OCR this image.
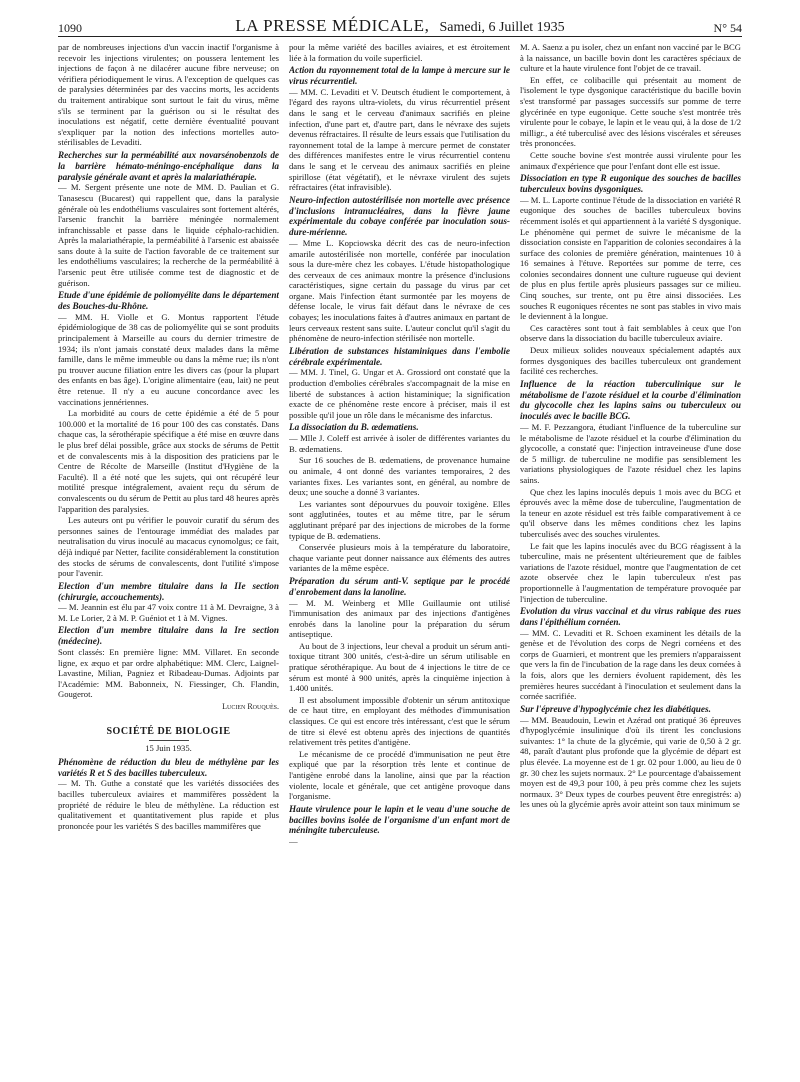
1090	LA PRESSE MÉDICALE, Samedi, 6 Juillet 1935	N° 54

par de nombreuses injections d'un vaccin inactif l'organisme à recevoir les injections virulentes; on poussera lentement les injections de façon à ne dilacérer aucune fibre nerveuse; on vérifiera périodiquement le virus. A l'exception de quelques cas de paralysies déterminées par des vaccins morts, les accidents du traitement antirabique sont surtout le fait du virus, même s'ils se terminent par la guérison ou si le résultat des inoculations est négatif, cette dernière éventualité pouvant s'expliquer par la notion des infections mortelles auto-stérilisables de Levaditi.

Recherches sur la perméabilité aux novarsénobenzols de la barrière hémato-méningo-encéphalique dans la paralysie générale avant et après la malariathérapie.

— M. Sergent présente une note de MM. D. Paulian et G. Tanasescu (Bucarest) qui rappellent que, dans la paralysie générale où les endothéliums vasculaires sont fortement altérés, l'arsenic franchit la barrière méningée normalement infranchissable et passe dans le liquide céphalo-rachidien. Après la malariathérapie, la perméabilité à l'arsenic est abaissée sans doute à la suite de l'action favorable de ce traitement sur les endothéliums vasculaires; la recherche de la perméabilité à l'arsenic peut être utilisée comme test de diagnostic et de guérison.

Etude d'une épidémie de poliomyélite dans le département des Bouches-du-Rhône.

— MM. H. Violle et G. Montus rapportent l'étude épidémiologique de 38 cas de poliomyélite qui se sont produits principalement à Marseille au cours du dernier trimestre de 1934; ils n'ont jamais constaté deux malades dans la même famille, dans le même immeuble ou dans la même rue; ils n'ont pu trouver aucune filiation entre les divers cas (pour la plupart des enfants en bas âge). L'origine alimentaire (eau, lait) ne peut être retenue. Il n'y a eu aucune concordance avec les vaccinations jennériennes.

La morbidité au cours de cette épidémie a été de 5 pour 100.000 et la mortalité de 16 pour 100 des cas constatés. Dans chaque cas, la sérothérapie spécifique a été mise en œuvre dans le plus bref délai possible, grâce aux stocks de sérums de Pettit et de convalescents mis à la disposition des praticiens par le Centre de Récolte de Marseille (Institut d'Hygiène de la Faculté). Il a été noté que les sujets, qui ont récupéré leur motilité presque intégralement, avaient reçu du sérum de convalescents ou du sérum de Pettit au plus tard 48 heures après l'apparition des paralysies.

Les auteurs ont pu vérifier le pouvoir curatif du sérum des personnes saines de l'entourage immédiat des malades par neutralisation du virus inoculé au macacus cynomolgus; ce fait, déjà indiqué par Netter, facilite considérablement la constitution des stocks de sérums de convalescents, dont l'utilité s'impose pour l'avenir.

Election d'un membre titulaire dans la IIe section (chirurgie, accouchements).

— M. Jeannin est élu par 47 voix contre 11 à M. Devraigne, 3 à M. Le Lorier, 2 à M. P. Guéniot et 1 à M. Vignes.

Election d'un membre titulaire dans la Ire section (médecine).

Sont classés: En première ligne: MM. Villaret. En seconde ligne, ex æquo et par ordre alphabétique: MM. Clerc, Laignel-Lavastine, Milian, Pagniez et Ribadeau-Dumas. Adjoints par l'Académie: MM. Babonneix, N. Fiessinger, Ch. Flandin, Gougerot.

Lucien Rouquès.
SOCIÉTÉ DE BIOLOGIE
15 Juin 1935.
Phénomène de réduction du bleu de méthylène par les variétés R et S des bacilles tuberculeux.

— M. Th. Guthe a constaté que les variétés dissociées des bacilles tuberculeux aviaires et mammifères possèdent la propriété de réduire le bleu de méthylène. La réduction est qualitativement et quantitativement plus rapide et plus prononcée pour les variétés S des bacilles mammifères que

pour la même variété des bacilles aviaires, et est étroitement liée à la formation du voile superficiel.

Action du rayonnement total de la lampe à mercure sur le virus récurrentiel.

— MM. C. Levaditi et V. Deutsch étudient le comportement, à l'égard des rayons ultra-violets, du virus récurrentiel présent dans le sang et le cerveau d'animaux sacrifiés en pleine infection, d'une part et, d'autre part, dans le névraxe des sujets devenus réfractaires. Il résulte de leurs essais que l'utilisation du rayonnement total de la lampe à mercure permet de constater des différences manifestes entre le virus récurrentiel contenu dans le sang et le cerveau des animaux sacrifiés en pleine spirillose (état végétatif), et le névraxe virulent des sujets réfractaires (état infravisible).

Neuro-infection autostérilisée non mortelle avec présence d'inclusions intranucléaires, dans la fièvre jaune expérimentale du cobaye conférée par inoculation sous-dure-mérienne.

— Mme L. Kopciowska décrit des cas de neuro-infection amarile autostérilisée non mortelle, conférée par inoculation sous la dure-mère chez les cobayes. L'étude histopathologique des cerveaux de ces animaux montre la présence d'inclusions caractéristiques, signe certain du passage du virus par cet organe. Mais l'infection étant surmontée par les moyens de défense locale, le virus fait défaut dans le névraxe de ces cobayes; les inoculations faites à d'autres animaux en partant de leurs cerveaux restent sans suite. L'auteur conclut qu'il s'agit du phénomène de neuro-infection stérilisée non mortelle.

Libération de substances histaminiques dans l'embolie cérébrale expérimentale.

— MM. J. Tinel, G. Ungar et A. Grossiord ont constaté que la production d'embolies cérébrales s'accompagnait de la mise en liberté de substances à action histaminique; la signification exacte de ce phénomène reste encore à préciser, mais il est possible qu'il joue un rôle dans le mécanisme des infarctus.

La dissociation du B. œdematiens.

— Mlle J. Coleff est arrivée à isoler de différentes variantes du B. œdematiens.

Sur 16 souches de B. œdematiens, de provenance humaine ou animale, 4 ont donné des variantes temporaires, 2 des variantes fixes. Les variantes sont, en général, au nombre de deux; une souche a donné 3 variantes.

Les variantes sont dépourvues du pouvoir toxigène. Elles sont agglutinées, toutes et au même titre, par le sérum agglutinant préparé par des injections de microbes de la forme typique de B. œdematiens.

Conservée plusieurs mois à la température du laboratoire, chaque variante peut donner naissance aux éléments des autres variantes de la même espèce.

Préparation du sérum anti-V. septique par le procédé d'enrobement dans la lanoline.

— M. M. Weinberg et Mlle Guillaumie ont utilisé l'immunisation des animaux par des injections d'antigènes enrobés dans la lanoline pour la préparation du sérum antiseptique.

Au bout de 3 injections, leur cheval a produit un sérum anti-toxique titrant 300 unités, c'est-à-dire un sérum utilisable en pratique sérothérapique. Au bout de 4 injections le titre de ce sérum est monté à 900 unités, après la cinquième injection à 1.400 unités.

Il est absolument impossible d'obtenir un sérum antitoxique de ce haut titre, en employant des méthodes d'immunisation classiques. Ce qui est encore très intéressant, c'est que le sérum de titre si élevé est obtenu après des injections de quantités relativement très petites d'antigène.

Le mécanisme de ce procédé d'immunisation ne peut être expliqué que par la résorption très lente et continue de l'antigène enrobé dans la lanoline, ainsi que par la réaction violente, locale et générale, que cet antigène provoque dans l'organisme.

Haute virulence pour le lapin et le veau d'une souche de bacilles bovins isolée de l'organisme d'un enfant mort de méningite tuberculeuse.

—

M. A. Saenz a pu isoler, chez un enfant non vacciné par le BCG à la naissance, un bacille bovin dont les caractères spéciaux de culture et la haute virulence font l'objet de ce travail.

En effet, ce colibacille qui présentait au moment de l'isolement le type dysgonique caractéristique du bacille bovin s'est transformé par passages successifs sur pomme de terre glycérinée en type eugonique. Cette souche s'est montrée très virulente pour le cobaye, le lapin et le veau qui, à la dose de 1/2 milligr., a été tuberculisé avec des lésions viscérales et séreuses très prononcées.

Cette souche bovine s'est montrée aussi virulente pour les animaux d'expérience que pour l'enfant dont elle est issue.

Dissociation en type R eugonique des souches de bacilles tuberculeux bovins dysgoniques.

— M. L. Laporte continue l'étude de la dissociation en variété R eugonique des souches de bacilles tuberculeux bovins récemment isolés et qui appartiennent à la variété S dysgonique. Le phénomène qui permet de suivre le mécanisme de la dissociation consiste en l'apparition de colonies secondaires à la surface des colonies de première génération, maintenues 10 à 16 semaines à l'étuve. Reportées sur pomme de terre, ces colonies secondaires donnent une culture rugueuse qui devient de plus en plus fertile après plusieurs passages sur ce milieu. Cinq souches, sur trente, ont pu être ainsi dissociées. Les souches R eugoniques récentes ne sont pas stables in vivo mais le deviennent à la longue.

Ces caractères sont tout à fait semblables à ceux que l'on observe dans la dissociation du bacille tuberculeux aviaire.

Deux milieux solides nouveaux spécialement adaptés aux formes dysgoniques des bacilles tuberculeux ont grandement facilité ces recherches.

Influence de la réaction tuberculinique sur le métabolisme de l'azote résiduel et la courbe d'élimination du glycocolle chez les lapins sains ou tuberculeux ou inoculés avec le bacille BCG.

— M. F. Pezzangora, étudiant l'influence de la tuberculine sur le métabolisme de l'azote résiduel et la courbe d'élimination du glycocolle, a constaté que: l'injection intraveineuse d'une dose de 5 milligr. de tuberculine ne modifie pas sensiblement les variations physiologiques de l'azote résiduel chez les lapins sains.

Que chez les lapins inoculés depuis 1 mois avec du BCG et éprouvés avec la même dose de tuberculine, l'augmentation de la teneur en azote résiduel est très faible comparativement à ce qu'il observe dans les mêmes conditions chez les lapins tuberculisés avec des souches virulentes.

Le fait que les lapins inoculés avec du BCG réagissent à la tuberculine, mais ne présentent ultérieurement que de faibles variations de l'azote résiduel, montre que l'augmentation de cet azote observée chez le lapin tuberculeux n'est pas proportionnelle à l'augmentation de température provoquée par l'injection de tuberculine.

Evolution du virus vaccinal et du virus rabique des rues dans l'épithélium cornéen.

— MM. C. Levaditi et R. Schoen examinent les détails de la genèse et de l'évolution des corps de Negri cornéens et des corps de Guarnieri, et montrent que les premiers n'apparaissent que vers la fin de l'incubation de la rage dans les deux cornées à la fois, alors que les derniers évoluent rapidement, dès les premières heures succédant à l'inoculation et seulement dans la cornée sacrifiée.

Sur l'épreuve d'hypoglycémie chez les diabétiques.

— MM. Beaudouin, Lewin et Azérad ont pratiqué 36 épreuves d'hypoglycémie insulinique d'où ils tirent les conclusions suivantes: 1° la chute de la glycémie, qui varie de 0,50 à 2 gr. 48, paraît d'autant plus profonde que la glycémie de départ est plus élevée. La moyenne est de 1 gr. 02 pour 1.000, au lieu de 0 gr. 30 chez les sujets normaux. 2° Le pourcentage d'abaissement moyen est de 49,3 pour 100, à peu près comme chez les sujets normaux. 3° Deux types de courbes peuvent être enregistrés: a) les unes où la glycémie après avoir atteint son taux minimum se
